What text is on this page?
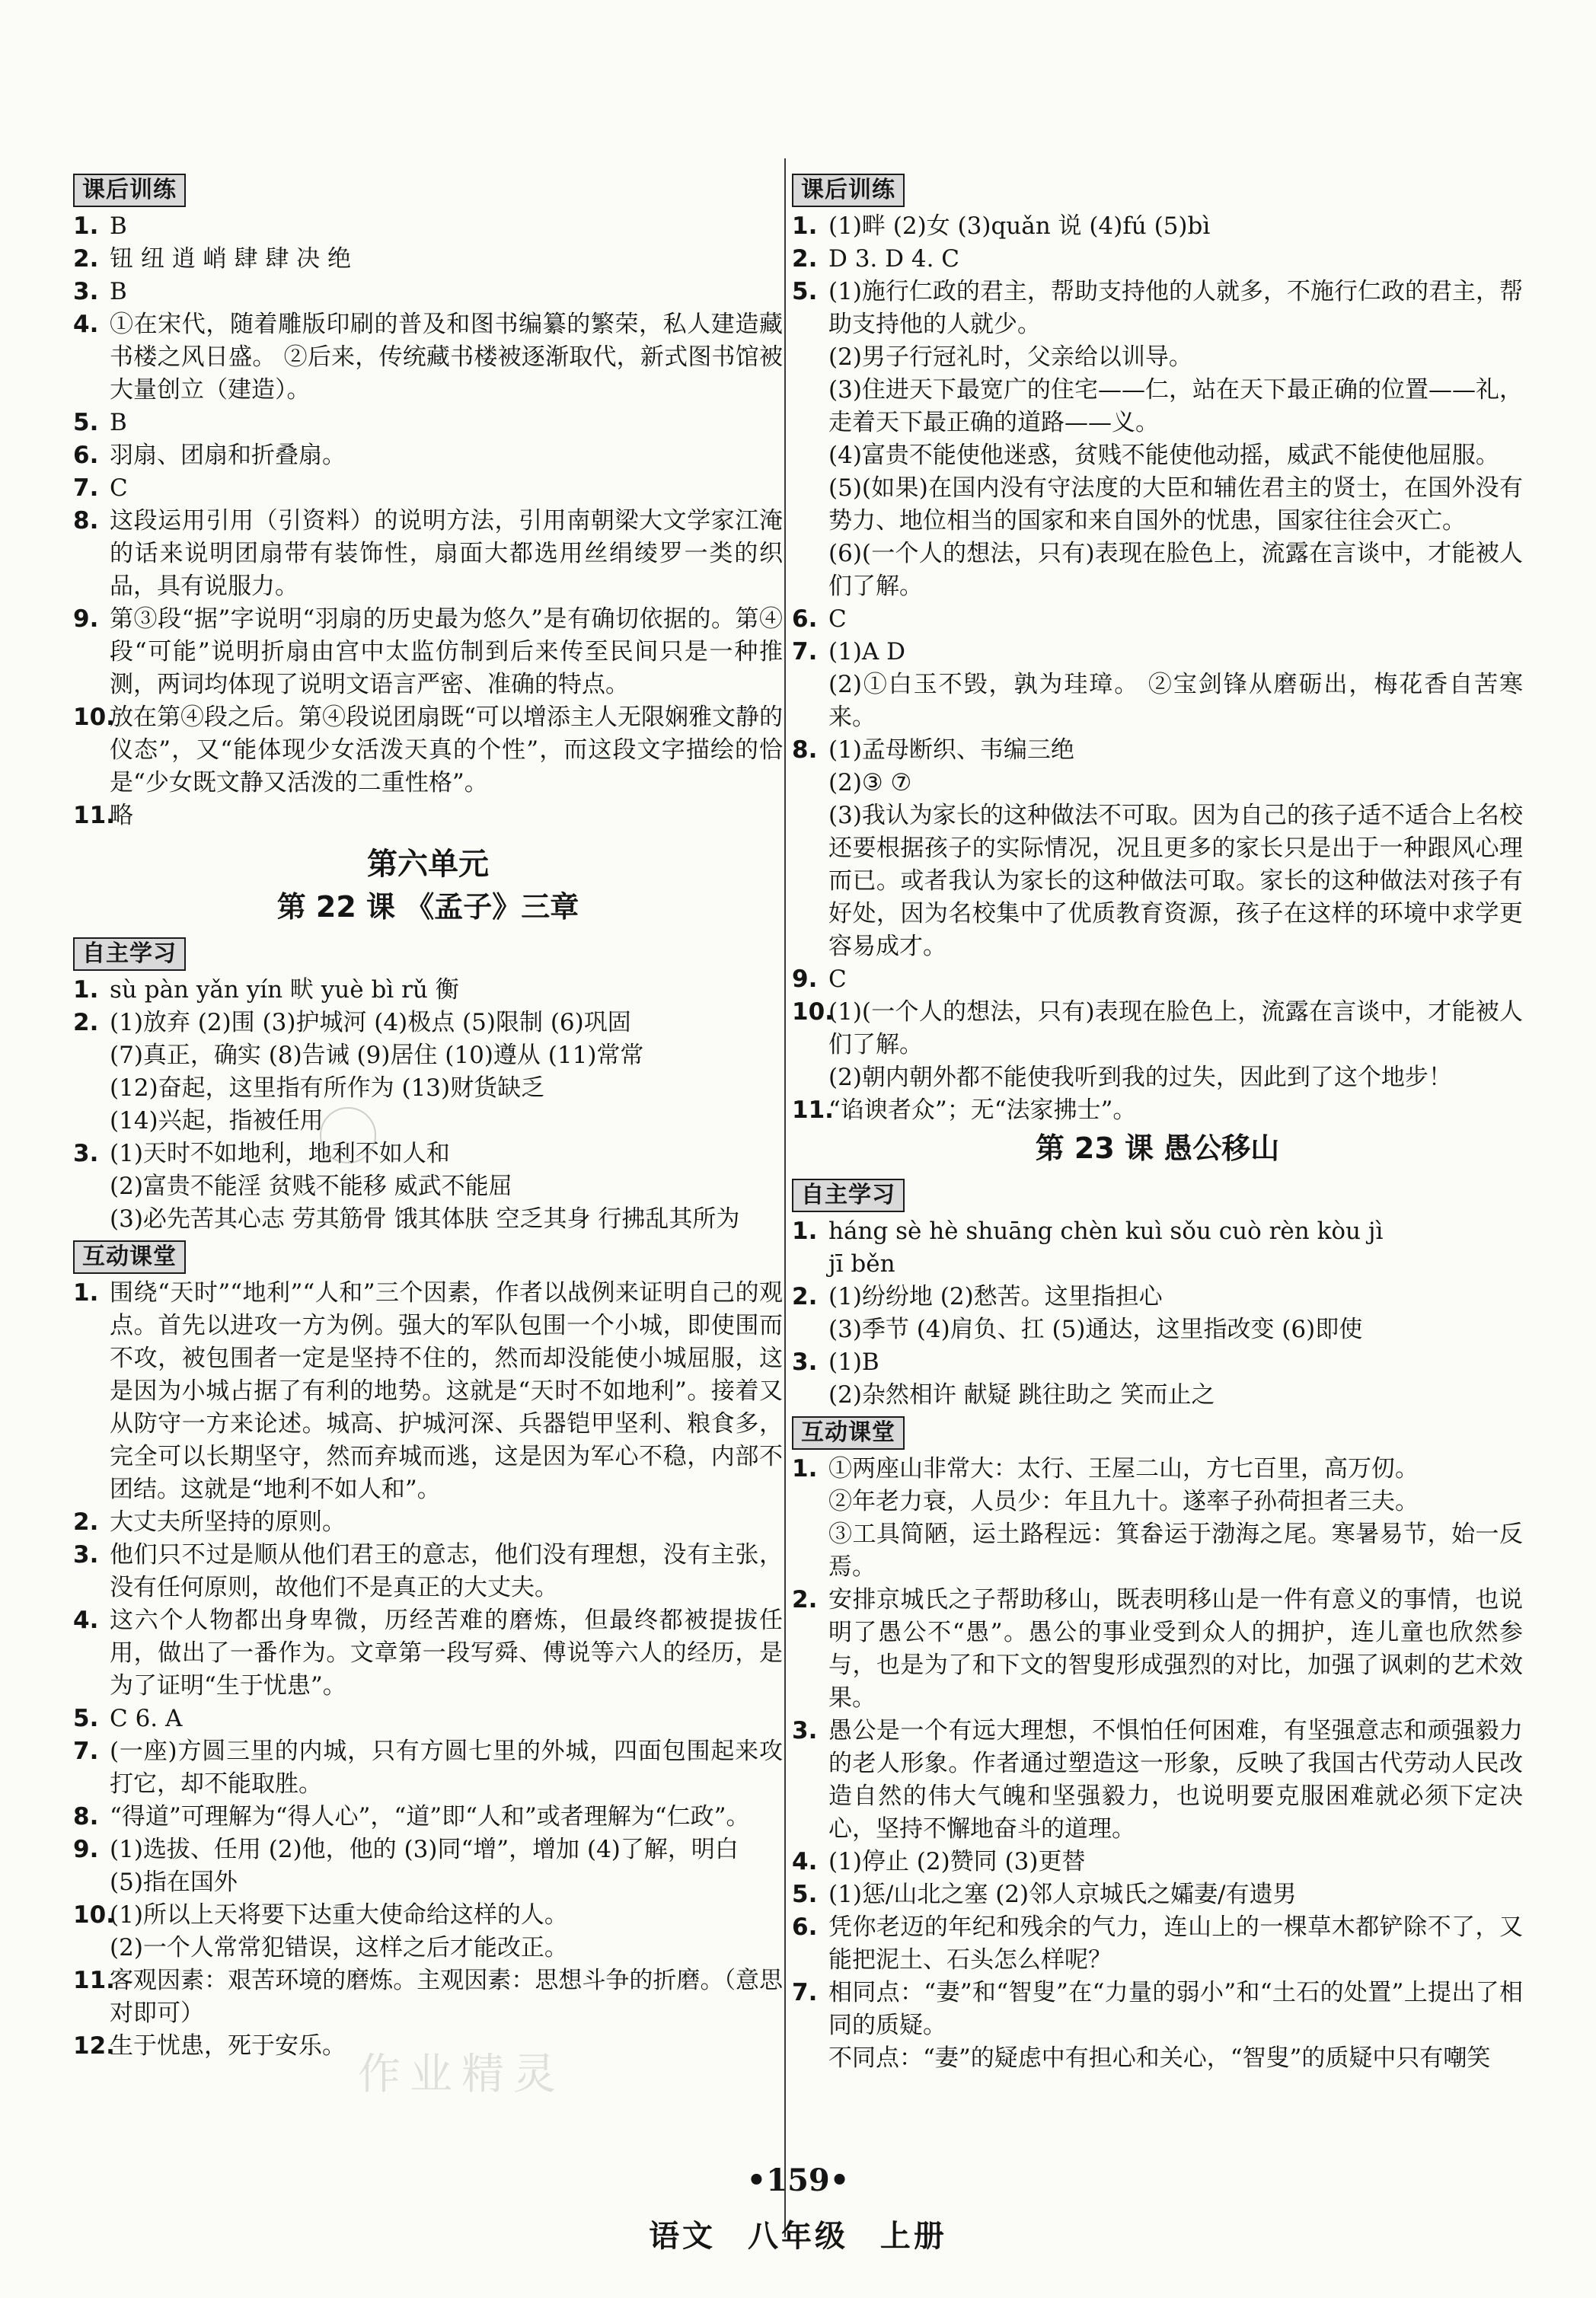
课后训练
1. B
2. 钮 纽 逍 峭 肆 肆 决 绝
3. B
4. ①在宋代，随着雕版印刷的普及和图书编纂的繁荣，私人建造藏书楼之风日盛。 ②后来，传统藏书楼被逐渐取代，新式图书馆被大量创立（建造）。
5. B
6. 羽扇、团扇和折叠扇。
7. C
8. 这段运用引用（引资料）的说明方法，引用南朝梁大文学家江淹的话来说明团扇带有装饰性，扇面大都选用丝绢绫罗一类的织品，具有说服力。
9. 第③段“据”字说明“羽扇的历史最为悠久”是有确切依据的。第④段“可能”说明折扇由宫中太监仿制到后来传至民间只是一种推测，两词均体现了说明文语言严密、准确的特点。
10.
放在第④段之后。第④段说团扇既“可以增添主人无限娴雅文静的仪态”，又“能体现少女活泼天真的个性”，而这段文字描绘的恰是“少女既文静又活泼的二重性格”。
11.
略
第六单元
第 22 课 《孟子》三章
自主学习
1. sù pàn yǎn yín 畎 yuè bì rǔ 衡
2. (1)放弃 (2)围 (3)护城河 (4)极点 (5)限制 (6)巩固
(7)真正，确实 (8)告诫 (9)居住 (10)遵从 (11)常常
(12)奋起，这里指有所作为 (13)财货缺乏
(14)兴起，指被任用
3. (1)天时不如地利，地利不如人和
(2)富贵不能淫 贫贱不能移 威武不能屈
(3)必先苦其心志 劳其筋骨 饿其体肤 空乏其身 行拂乱其所为
互动课堂
1. 围绕“天时”“地利”“人和”三个因素，作者以战例来证明自己的观点。首先以进攻一方为例。强大的军队包围一个小城，即使围而不攻，被包围者一定是坚持不住的，然而却没能使小城屈服，这是因为小城占据了有利的地势。这就是“天时不如地利”。接着又从防守一方来论述。城高、护城河深、兵器铠甲坚利、粮食多，完全可以长期坚守，然而弃城而逃，这是因为军心不稳，内部不团结。这就是“地利不如人和”。
2. 大丈夫所坚持的原则。
3. 他们只不过是顺从他们君王的意志，他们没有理想，没有主张，没有任何原则，故他们不是真正的大丈夫。
4. 这六个人物都出身卑微，历经苦难的磨炼，但最终都被提拔任用，做出了一番作为。文章第一段写舜、傅说等六人的经历，是为了证明“生于忧患”。
5. C 6. A
7. (一座)方圆三里的内城，只有方圆七里的外城，四面包围起来攻打它，却不能取胜。
8. “得道”可理解为“得人心”，“道”即“人和”或者理解为“仁政”。
9. (1)选拔、任用 (2)他，他的 (3)同“增”，增加 (4)了解，明白
(5)指在国外
10.
(1)所以上天将要下达重大使命给这样的人。
(2)一个人常常犯错误，这样之后才能改正。
11.
客观因素：艰苦环境的磨炼。主观因素：思想斗争的折磨。（意思对即可）
12.
生于忧患，死于安乐。
课后训练
1. (1)畔 (2)女 (3)quǎn 说 (4)fú (5)bì
2. D 3. D 4. C
5. (1)施行仁政的君主，帮助支持他的人就多，不施行仁政的君主，帮助支持他的人就少。
(2)男子行冠礼时，父亲给以训导。
(3)住进天下最宽广的住宅——仁，站在天下最正确的位置——礼，走着天下最正确的道路——义。
(4)富贵不能使他迷惑，贫贱不能使他动摇，威武不能使他屈服。
(5)(如果)在国内没有守法度的大臣和辅佐君主的贤士，在国外没有势力、地位相当的国家和来自国外的忧患，国家往往会灭亡。
(6)(一个人的想法，只有)表现在脸色上，流露在言谈中，才能被人们了解。
6. C
7. (1)A D
(2)①白玉不毁，孰为珪璋。 ②宝剑锋从磨砺出，梅花香自苦寒来。
8. (1)孟母断织、韦编三绝
(2)③ ⑦
(3)我认为家长的这种做法不可取。因为自己的孩子适不适合上名校还要根据孩子的实际情况，况且更多的家长只是出于一种跟风心理而已。或者我认为家长的这种做法可取。家长的这种做法对孩子有好处，因为名校集中了优质教育资源，孩子在这样的环境中求学更容易成才。
9. C
10.
(1)(一个人的想法，只有)表现在脸色上，流露在言谈中，才能被人们了解。
(2)朝内朝外都不能使我听到我的过失，因此到了这个地步！
11.
“谄谀者众”；无“法家拂士”。
第 23 课 愚公移山
自主学习
1. háng sè hè shuāng chèn kuì sǒu cuò rèn kòu jì
jī běn
2. (1)纷纷地 (2)愁苦。这里指担心
(3)季节 (4)肩负、扛 (5)通达，这里指改变 (6)即使
3. (1)B
(2)杂然相许 献疑 跳往助之 笑而止之
互动课堂
1. ①两座山非常大：太行、王屋二山，方七百里，高万仞。
②年老力衰，人员少：年且九十。遂率子孙荷担者三夫。
③工具简陋，运土路程远：箕畚运于渤海之尾。寒暑易节，始一反焉。
2. 安排京城氏之子帮助移山，既表明移山是一件有意义的事情，也说明了愚公不“愚”。愚公的事业受到众人的拥护，连儿童也欣然参与，也是为了和下文的智叟形成强烈的对比，加强了讽刺的艺术效果。
3. 愚公是一个有远大理想，不惧怕任何困难，有坚强意志和顽强毅力的老人形象。作者通过塑造这一形象，反映了我国古代劳动人民改造自然的伟大气魄和坚强毅力，也说明要克服困难就必须下定决心，坚持不懈地奋斗的道理。
4. (1)停止 (2)赞同 (3)更替
5. (1)惩/山北之塞 (2)邻人京城氏之孀妻/有遗男
6. 凭你老迈的年纪和残余的气力，连山上的一棵草木都铲除不了，又能把泥土、石头怎么样呢？
7. 相同点：“妻”和“智叟”在“力量的弱小”和“土石的处置”上提出了相同的质疑。
不同点：“妻”的疑虑中有担心和关心，“智叟”的质疑中只有嘲笑
作业精灵
•159•
语文 八年级 上册
